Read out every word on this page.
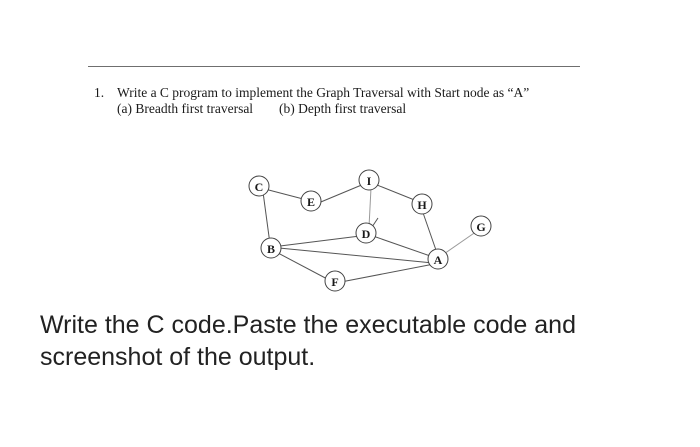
1. Write a C program to implement the Graph Traversal with Start node as “A”
(a) Breadth first traversal (b) Depth first traversal
C
E
I
H
G
D
B
A
F
Write the C code.Paste the executable code and screenshot of the output.
